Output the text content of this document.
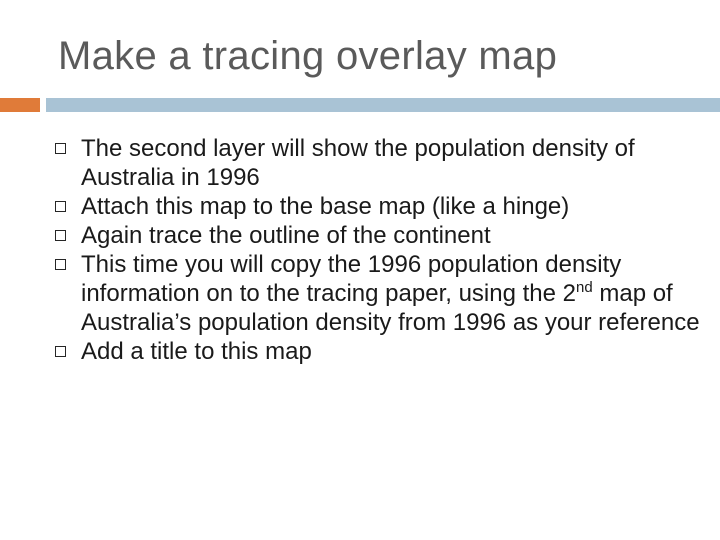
Make a tracing overlay map
The second layer will show the population density of Australia in 1996
Attach this map to the base map (like a hinge)
Again trace the outline of the continent
This time you will copy the 1996 population density information on to the tracing paper, using the 2nd map of Australia’s population density from 1996 as your reference
Add a title to this map
